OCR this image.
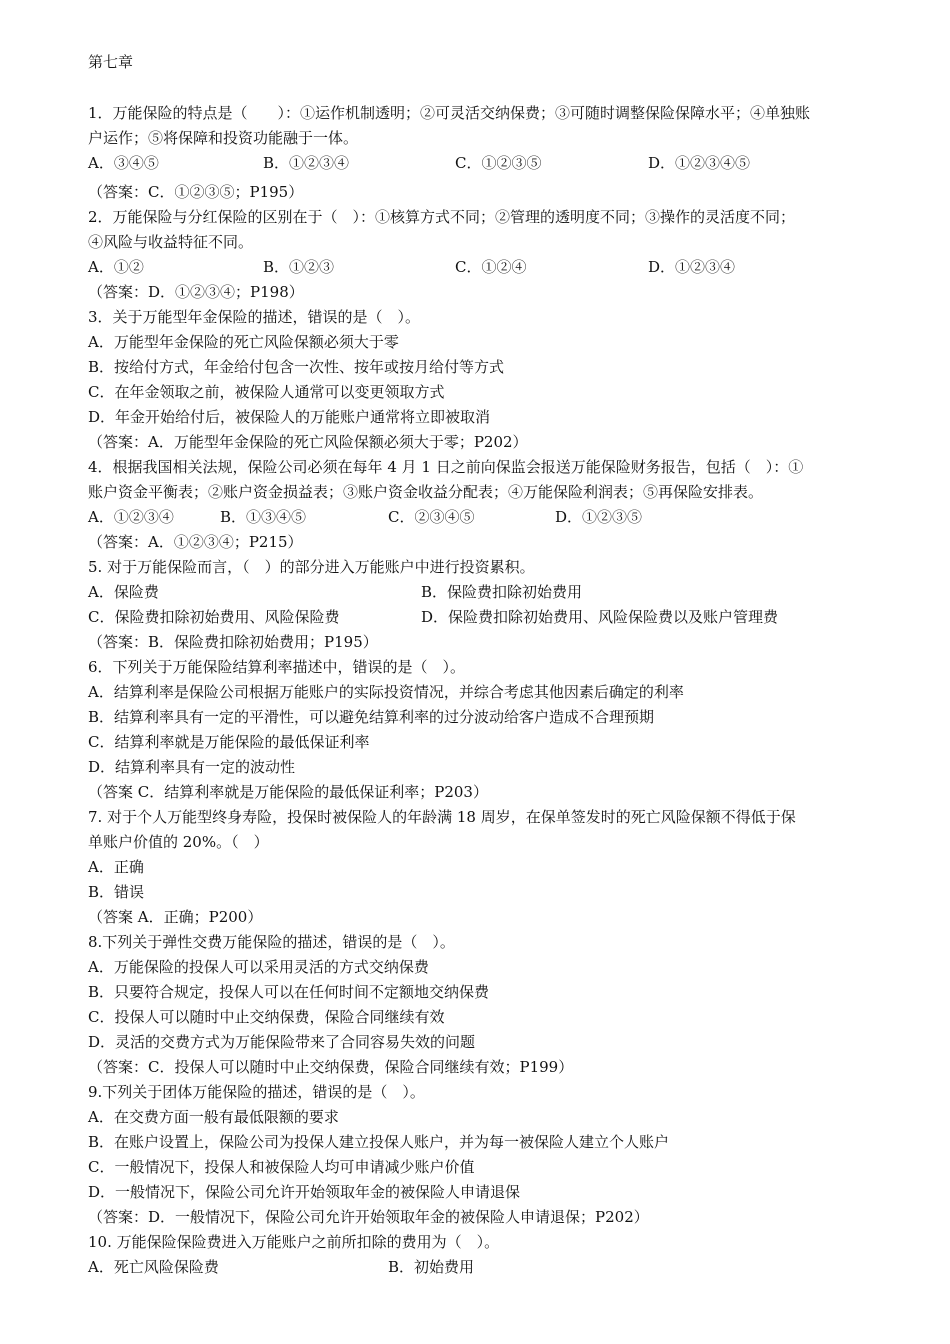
第七章
1．万能保险的特点是（　　）：①运作机制透明；②可灵活交纳保费；③可随时调整保险保障水平；④单独账
户运作；⑤将保障和投资功能融于一体。
A．③④⑤	B．①②③④	C．①②③⑤	D．①②③④⑤
（答案：C．①②③⑤；P195）
2．万能保险与分红保险的区别在于（　）：①核算方式不同；②管理的透明度不同；③操作的灵活度不同；
④风险与收益特征不同。
A．①②	B．①②③	C．①②④	D．①②③④
（答案：D．①②③④；P198）
3．关于万能型年金保险的描述，错误的是（　）。
A．万能型年金保险的死亡风险保额必须大于零
B．按给付方式，年金给付包含一次性、按年或按月给付等方式
C．在年金领取之前，被保险人通常可以变更领取方式
D．年金开始给付后，被保险人的万能账户通常将立即被取消
（答案：A．万能型年金保险的死亡风险保额必须大于零；P202）
4．根据我国相关法规，保险公司必须在每年 4 月 1 日之前向保监会报送万能保险财务报告，包括（　）：①
账户资金平衡表；②账户资金损益表；③账户资金收益分配表；④万能保险利润表；⑤再保险安排表。
A．①②③④	B．①③④⑤	C．②③④⑤	D．①②③⑤
（答案：A．①②③④；P215）
5. 对于万能保险而言，（　）的部分进入万能账户中进行投资累积。
A．保险费	B．保险费扣除初始费用
C．保险费扣除初始费用、风险保险费	D．保险费扣除初始费用、风险保险费以及账户管理费
（答案：B．保险费扣除初始费用；P195）
6．下列关于万能保险结算利率描述中，错误的是（　）。
A．结算利率是保险公司根据万能账户的实际投资情况，并综合考虑其他因素后确定的利率
B．结算利率具有一定的平滑性，可以避免结算利率的过分波动给客户造成不合理预期
C．结算利率就是万能保险的最低保证利率
D．结算利率具有一定的波动性
（答案 C．结算利率就是万能保险的最低保证利率；P203）
7. 对于个人万能型终身寿险，投保时被保险人的年龄满 18 周岁，在保单签发时的死亡风险保额不得低于保
单账户价值的 20%。（　）
A．正确
B．错误
（答案 A．正确；P200）
8.下列关于弹性交费万能保险的描述，错误的是（　）。
A．万能保险的投保人可以采用灵活的方式交纳保费
B．只要符合规定，投保人可以在任何时间不定额地交纳保费
C．投保人可以随时中止交纳保费，保险合同继续有效
D．灵活的交费方式为万能保险带来了合同容易失效的问题
（答案：C．投保人可以随时中止交纳保费，保险合同继续有效；P199）
9.下列关于团体万能保险的描述，错误的是（　）。
A．在交费方面一般有最低限额的要求
B．在账户设置上，保险公司为投保人建立投保人账户，并为每一被保险人建立个人账户
C．一般情况下，投保人和被保险人均可申请减少账户价值
D．一般情况下，保险公司允许开始领取年金的被保险人申请退保
（答案：D．一般情况下，保险公司允许开始领取年金的被保险人申请退保；P202）
10. 万能保险保险费进入万能账户之前所扣除的费用为（　）。
A．死亡风险保险费	B．初始费用
